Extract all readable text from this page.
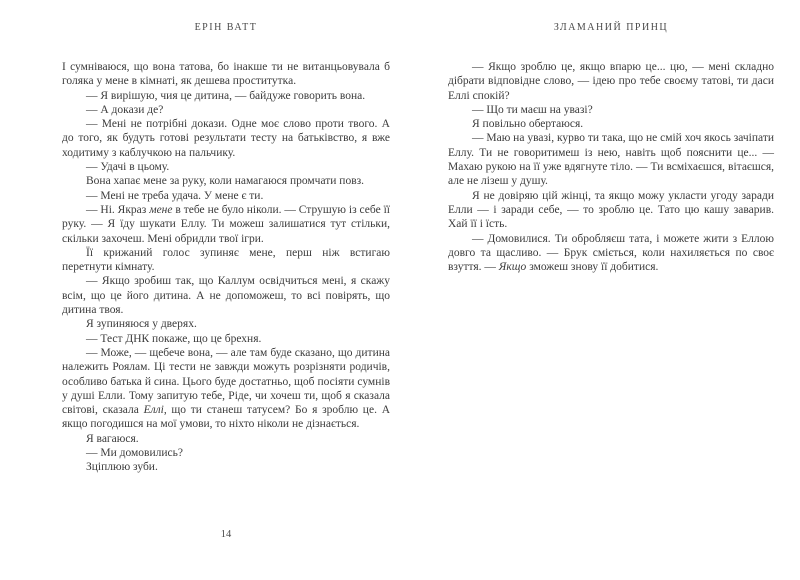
ЕРІН ВАТТ

І сумніваюся, що вона татова, бо інакше ти не витанцьовувала б голяка у мене в кімнаті, як дешева проститутка.

— Я вирішую, чия це дитина, — байдуже говорить вона.

— А докази де?

— Мені не потрібні докази. Одне моє слово проти твого. А до того, як будуть готові результати тесту на батьківство, я вже ходитиму з каблучкою на пальчику.

— Удачі в цьому.

Вона хапає мене за руку, коли намагаюся промчати повз.

— Мені не треба удача. У мене є ти.

— Ні. Якраз мене в тебе не було ніколи. — Струшую із себе її руку. — Я їду шукати Еллу. Ти можеш залишатися тут стільки, скільки захочеш. Мені обридли твої ігри.

Її крижаний голос зупиняє мене, перш ніж встигаю перетнути кімнату.

— Якщо зробиш так, що Каллум освідчиться мені, я скажу всім, що це його дитина. А не допоможеш, то всі повірять, що дитина твоя.

Я зупиняюся у дверях.

— Тест ДНК покаже, що це брехня.

— Може, — щебече вона, — але там буде сказано, що дитина належить Роялам. Ці тести не завжди можуть розрізняти родичів, особливо батька й сина. Цього буде достатньо, щоб посіяти сумнів у душі Елли. Тому запитую тебе, Ріде, чи хочеш ти, щоб я сказала світові, сказала Еллі, що ти станеш татусем? Бо я зроблю це. А якщо погодишся на мої умови, то ніхто ніколи не дізнається.

Я вагаюся.

— Ми домовились?

Зціплюю зуби.

14
ЗЛАМАНИЙ ПРИНЦ

— Якщо зроблю це, якщо впарю це... цю, — мені складно дібрати відповідне слово, — ідею про тебе своєму татові, ти даси Еллі спокій?

— Що ти маєш на увазі?

Я повільно обертаюся.

— Маю на увазі, курво ти така, що не смій хоч якось зачіпати Еллу. Ти не говоритимеш із нею, навіть щоб пояснити це... — Махаю рукою на її уже вдягнуте тіло. — Ти всміхаєшся, вітаєшся, але не лізеш у душу.

Я не довіряю цій жінці, та якщо можу укласти угоду заради Елли — і заради себе, — то зроблю це. Тато цю кашу заварив. Хай її і їсть.

— Домовилися. Ти обробляєш тата, і можете жити з Еллою довго та щасливо. — Брук сміється, коли нахиляється по своє взуття. — Якщо зможеш знову її добитися.
